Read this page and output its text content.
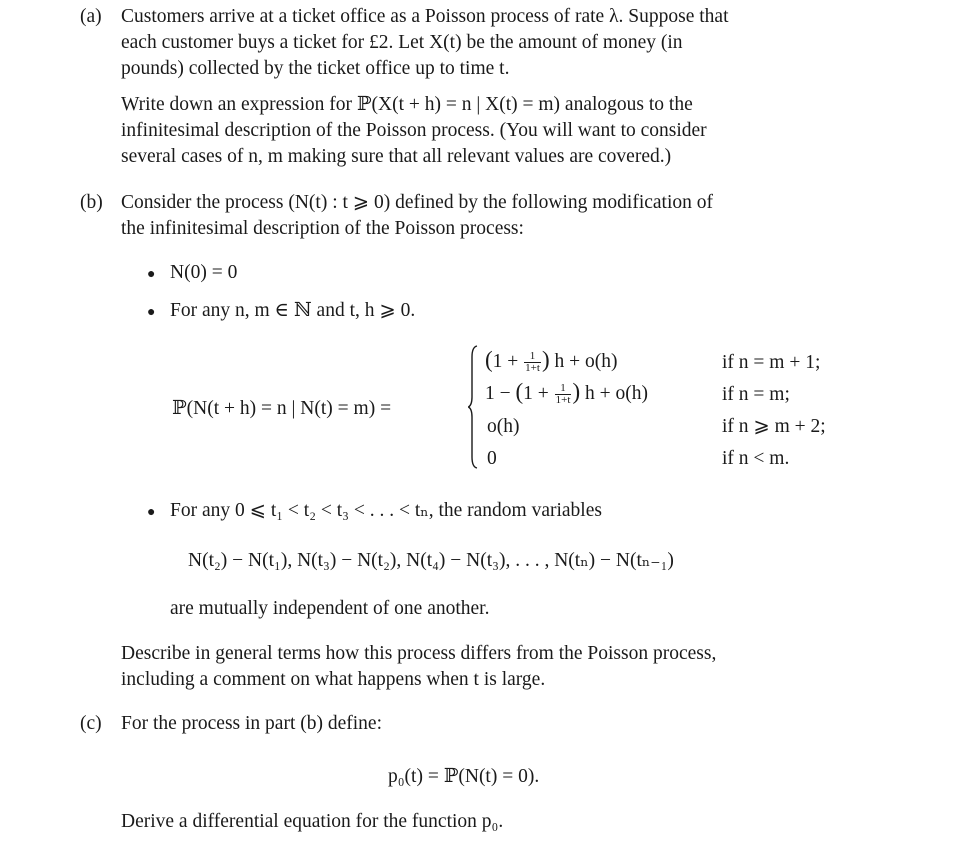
(a) Customers arrive at a ticket office as a Poisson process of rate λ. Suppose that
each customer buys a ticket for £2. Let X(t) be the amount of money (in
pounds) collected by the ticket office up to time t.
Write down an expression for ℙ(X(t + h) = n | X(t) = m) analogous to the
infinitesimal description of the Poisson process. (You will want to consider
several cases of n, m making sure that all relevant values are covered.)
(b) Consider the process (N(t) : t ⩾ 0) defined by the following modification of
the infinitesimal description of the Poisson process:
● N(0) = 0
● For any n, m ∈ ℕ and t, h ⩾ 0.
ℙ(N(t + h) = n | N(t) = m) =
($1 + \frac{1}{1+t}$ ) h + o(h)
$1 - (1 + \frac{1}{1+t}$ ) h + o(h)
o(h)
0
if n = m + 1;
if n = m;
if n ⩾ m + 2;
if n < m.
● For any 0 ⩽ t₁ < t₂ < t₃ < . . . < tₙ, the random variables
N(t₂) − N(t₁), N(t₃) − N(t₂), N(t₄) − N(t₃), . . . , N(tₙ) − N(tₙ₋₁)
are mutually independent of one another.
Describe in general terms how this process differs from the Poisson process,
including a comment on what happens when t is large.
(c) For the process in part (b) define:
p₀(t) = ℙ(N(t) = 0).
Derive a differential equation for the function p₀.
